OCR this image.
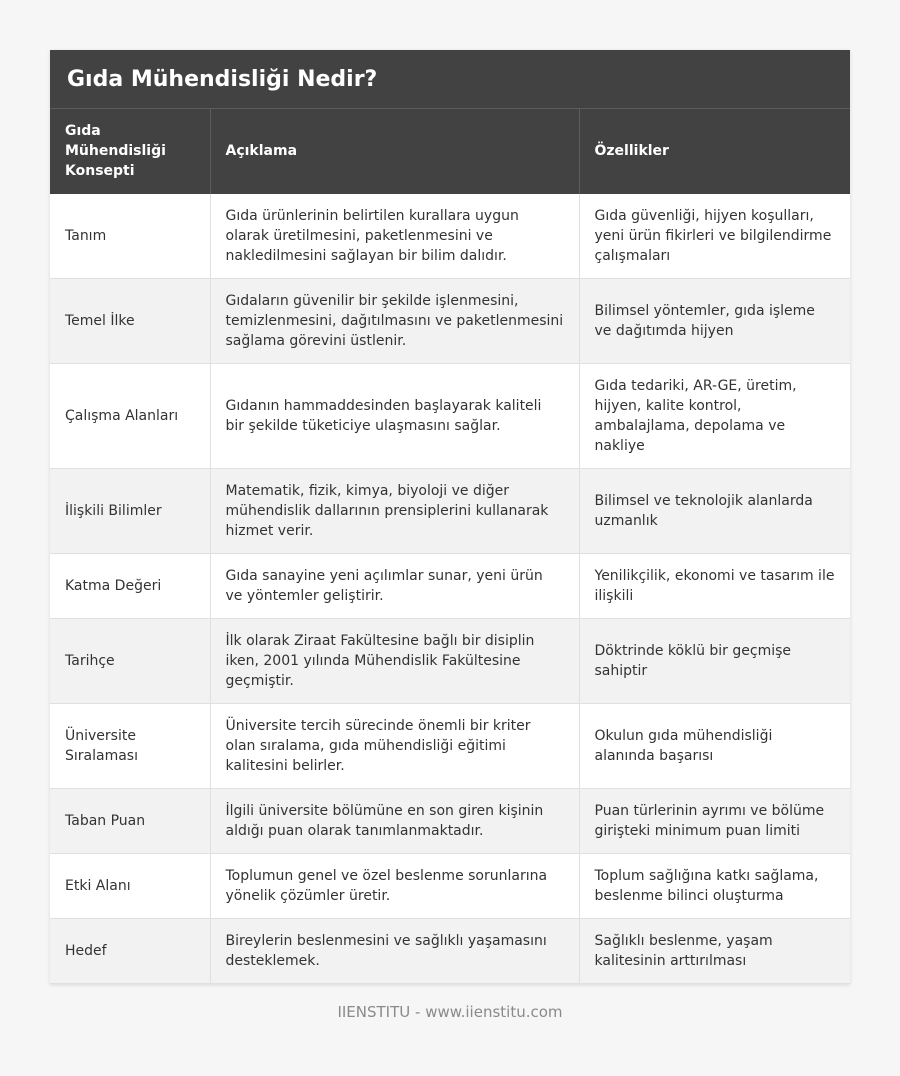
Gıda Mühendisliği Nedir?
Gıda Mühendisliği Konsepti	Açıklama	Özellikler
Tanım	Gıda ürünlerinin belirtilen kurallara uygun olarak üretilmesini, paketlenmesini ve nakledilmesini sağlayan bir bilim dalıdır.	Gıda güvenliği, hijyen koşulları, yeni ürün fikirleri ve bilgilendirme çalışmaları
Temel İlke	Gıdaların güvenilir bir şekilde işlenmesini, temizlenmesini, dağıtılmasını ve paketlenmesini sağlama görevini üstlenir.	Bilimsel yöntemler, gıda işleme ve dağıtımda hijyen
Çalışma Alanları	Gıdanın hammaddesinden başlayarak kaliteli bir şekilde tüketiciye ulaşmasını sağlar.	Gıda tedariki, AR-GE, üretim, hijyen, kalite kontrol, ambalajlama, depolama ve nakliye
İlişkili Bilimler	Matematik, fizik, kimya, biyoloji ve diğer mühendislik dallarının prensiplerini kullanarak hizmet verir.	Bilimsel ve teknolojik alanlarda uzmanlık
Katma Değeri	Gıda sanayine yeni açılımlar sunar, yeni ürün ve yöntemler geliştirir.	Yenilikçilik, ekonomi ve tasarım ile ilişkili
Tarihçe	İlk olarak Ziraat Fakültesine bağlı bir disiplin iken, 2001 yılında Mühendislik Fakültesine geçmiştir.	Döktrinde köklü bir geçmişe sahiptir
Üniversite Sıralaması	Üniversite tercih sürecinde önemli bir kriter olan sıralama, gıda mühendisliği eğitimi kalitesini belirler.	Okulun gıda mühendisliği alanında başarısı
Taban Puan	İlgili üniversite bölümüne en son giren kişinin aldığı puan olarak tanımlanmaktadır.	Puan türlerinin ayrımı ve bölüme girişteki minimum puan limiti
Etki Alanı	Toplumun genel ve özel beslenme sorunlarına yönelik çözümler üretir.	Toplum sağlığına katkı sağlama, beslenme bilinci oluşturma
Hedef	Bireylerin beslenmesini ve sağlıklı yaşamasını desteklemek.	Sağlıklı beslenme, yaşam kalitesinin arttırılması
IIENSTITU - www.iienstitu.com
